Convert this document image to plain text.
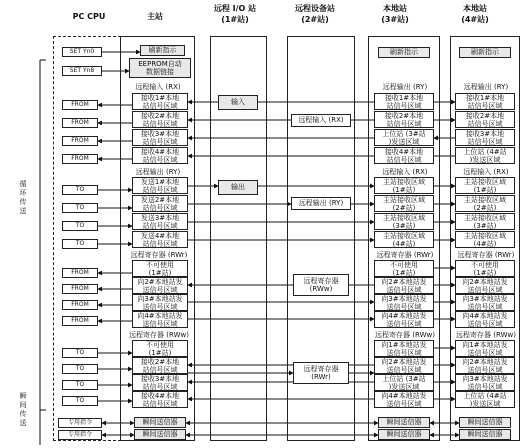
PC CPU	主站
远程 I/O 站
(1#站)
远程设备站
(2#站)
本地站
(3#站)
本地站
(4#站)
循
环
传
送
瞬
间
传
送
SET Yn0
SET Yn8
FROM
FROM
FROM
FROM
TO
TO
TO
TO
FROM
FROM
FROM
FROM
TO
TO
TO
TO
专用指令
专用指令
刷新指示
EEPROM自动
数据链接
远程输入 (RX)
接收1#本地
站信号区域
接收2#本地
站信号区域
接收3#本地
站信号区域
接收4#本地
站信号区域
远程输出 (RY)
发送1#本地
站信号区域
发送2#本地
站信号区域
发送3#本地
站信号区域
发送4#本地
站信号区域
远程寄存器 (RWr)
不可使用
(1#站)
向2#本地站发
送信号区域
向3#本地站发
送信号区域
向4#本地站发
送信号区域
远程寄存器 (RWw)
不可使用
(1#站)
接收2#本地
站信号区域
接收3#本地
站信号区域
接收4#本地
站信号区域
瞬间送信器
瞬间送信器
输入
输出
远程输入 (RX)
远程输出 (RY)
远程寄存器
(RWw)
远程寄存器
(RWr)
刷新指示
远程输出 (RY)
接收1#本地
站信号区域
接收2#本地
站信号区域
上位站 (3#站
)发送区域
接收4#本地
站信号区域
远程输入 (RX)
主站接收区域
(1#站)
主站接收区域
(2#站)
主站接收区域
(3#站)
主站接收区域
(4#站)
远程寄存器 (RWr)
不可使用
(1#站)
向2#本地站发
送信号区域
向3#本地站发
送信号区域
向4#本地站发
送信号区域
远程寄存器 (RWw)
向1#本地站发
送信号区域
向2#本地站发
送信号区域
上位站 (3#站
)发送区域
向4#本地站发
送信号区域
瞬间送信器
瞬间送信器
刷新指示
远程输出 (RY)
接收1#本地
站信号区域
接收2#本地
站信号区域
接收3#本地
站信号区域
上位站 (4#站
)发送区域
远程输入 (RX)
主站接收区域
(1#站)
主站接收区域
(2#站)
主站接收区域
(3#站)
主站接收区域
(4#站)
远程寄存器 (RWr)
不可使用
(1#站)
向2#本地站发
送信号区域
向3#本地站发
送信号区域
向4#本地站发
送信号区域
远程寄存器 (RWw)
向1#本地站发
送信号区域
向2#本地站发
送信号区域
向3#本地站发
送信号区域
上位站 (4#站
)发送区域
瞬间送信器
瞬间送信器
